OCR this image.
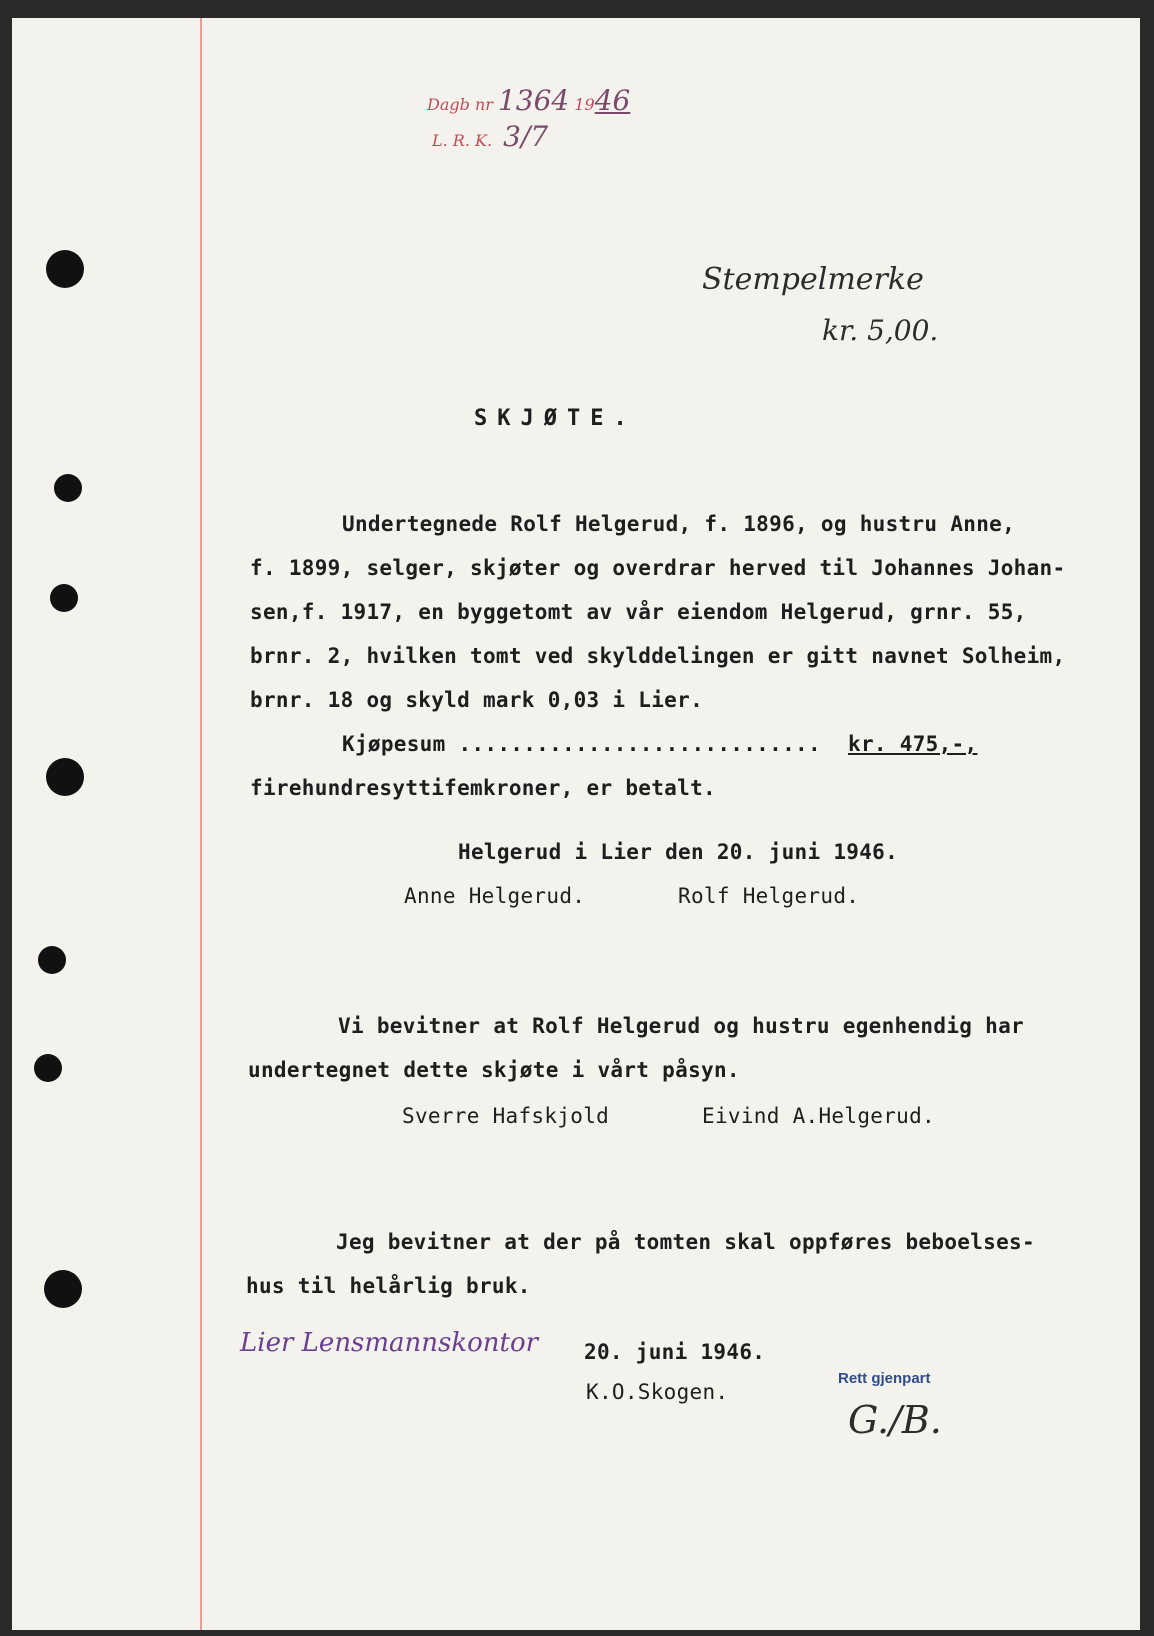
Dagb nr 1364 1946
L. R. K. 3/7
Stempelmerke
kr. 5,00.
SKJØTE.
Undertegnede Rolf Helgerud, f. 1896, og hustru Anne,
f. 1899, selger, skjøter og overdrar herved til Johannes Johan-
sen,f. 1917, en byggetomt av vår eiendom Helgerud, grnr. 55,
brnr. 2, hvilken tomt ved skylddelingen er gitt navnet Solheim,
brnr. 18 og skyld mark 0,03 i Lier.
Kjøpesum ............................ kr. 475,-,
firehundresyttifemkroner, er betalt.
Helgerud i Lier den 20. juni 1946.
Anne Helgerud.	Rolf Helgerud.
Vi bevitner at Rolf Helgerud og hustru egenhendig har
undertegnet dette skjøte i vårt påsyn.
Sverre Hafskjold	Eivind A.Helgerud.
Jeg bevitner at der på tomten skal oppføres beboelses-
hus til helårlig bruk.
Lier Lensmannskontor 20. juni 1946.
K.O.Skogen.
Rett gjenpart
G./B.
